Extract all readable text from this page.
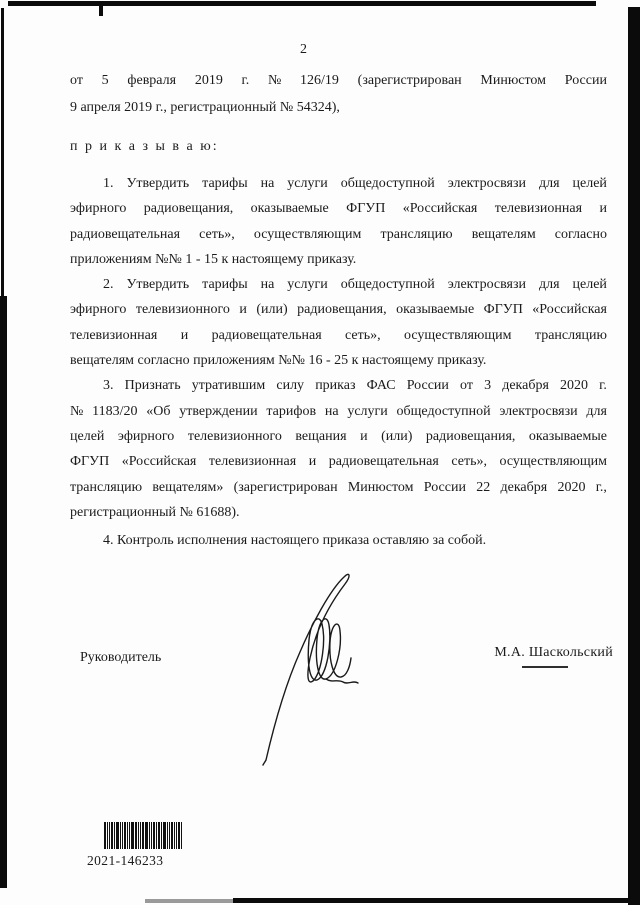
2
от 5 февраля 2019 г. № 126/19 (зарегистрирован Минюстом России
9 апреля 2019 г., регистрационный № 54324),
п р и к а з ы в а ю:
1. Утвердить тарифы на услуги общедоступной электросвязи для целей
эфирного радиовещания, оказываемые ФГУП «Российская телевизионная и
радиовещательная сеть», осуществляющим трансляцию вещателям согласно
приложениям №№ 1 - 15 к настоящему приказу.
2. Утвердить тарифы на услуги общедоступной электросвязи для целей
эфирного телевизионного и (или) радиовещания, оказываемые ФГУП «Российская
телевизионная и радиовещательная сеть», осуществляющим трансляцию
вещателям согласно приложениям №№ 16 - 25 к настоящему приказу.
3. Признать утратившим силу приказ ФАС России от 3 декабря 2020 г.
№ 1183/20 «Об утверждении тарифов на услуги общедоступной электросвязи для
целей эфирного телевизионного вещания и (или) радиовещания, оказываемые
ФГУП «Российская телевизионная и радиовещательная сеть», осуществляющим
трансляцию вещателям» (зарегистрирован Минюстом России 22 декабря 2020 г.,
регистрационный № 61688).
4. Контроль исполнения настоящего приказа оставляю за собой.
Руководитель	М.А. Шаскольский
2021-146233
